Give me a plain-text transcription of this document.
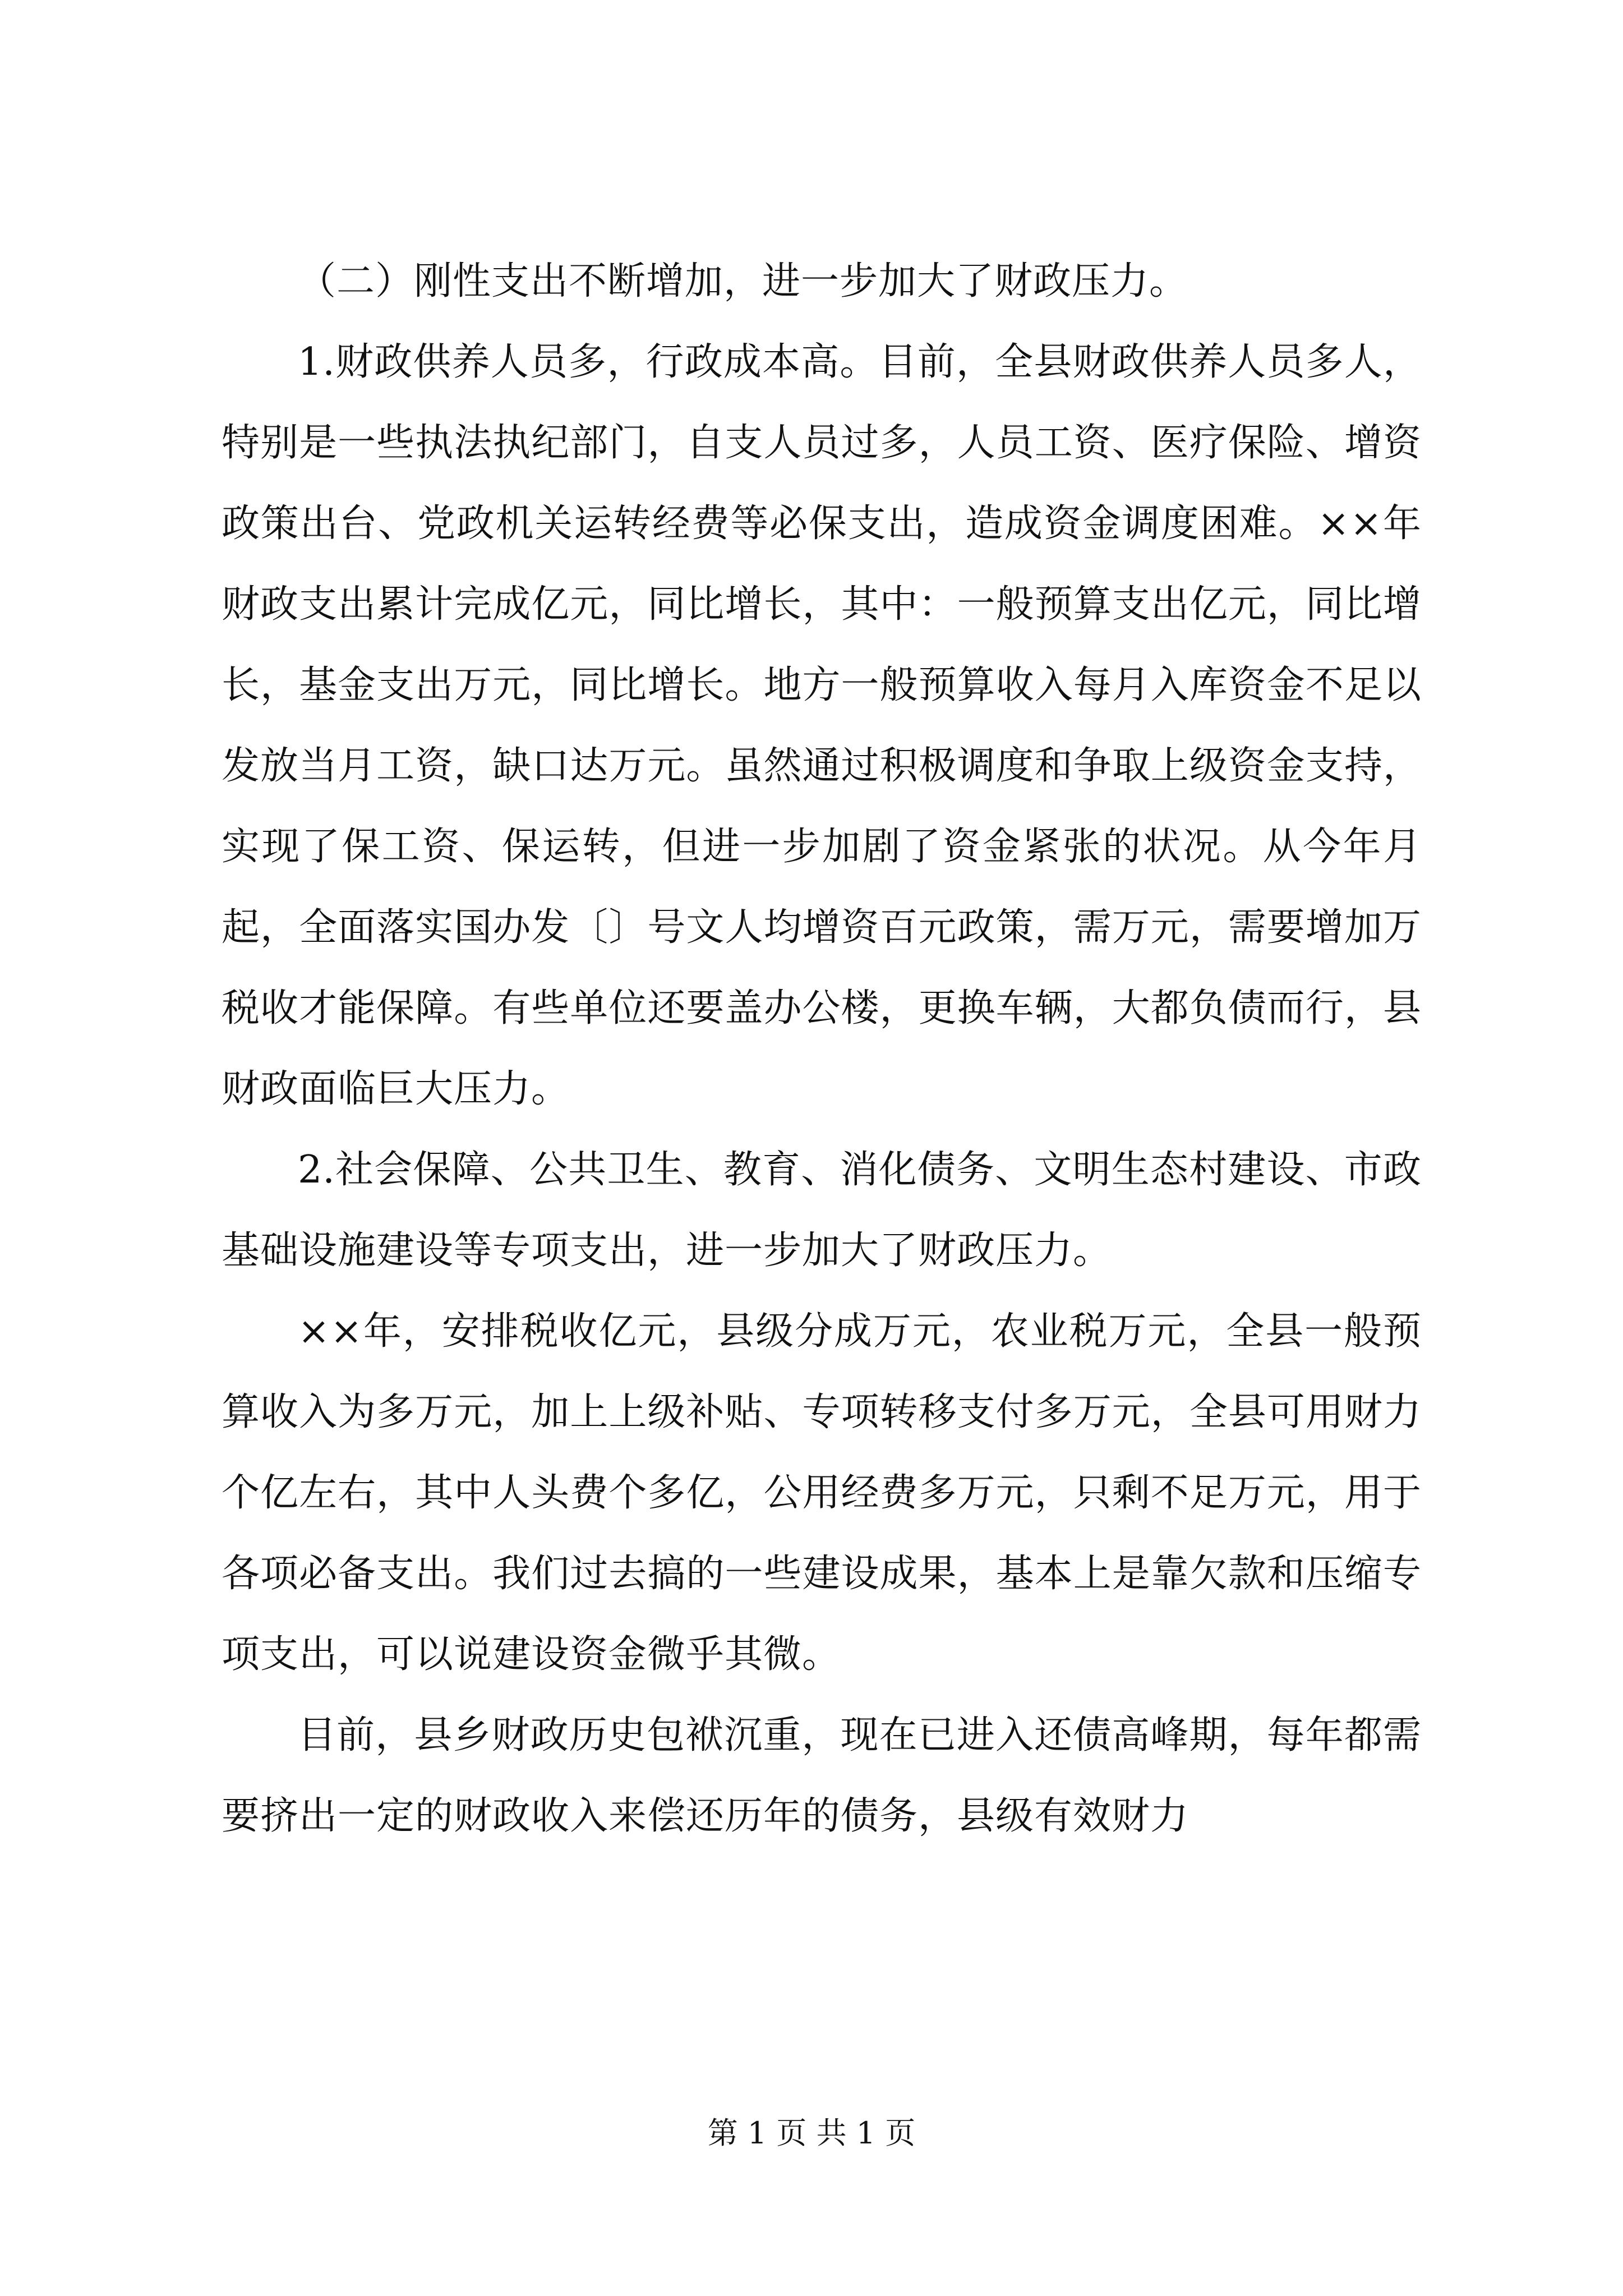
（二）刚性支出不断增加，进一步加大了财政压力。

1.财政供养人员多，行政成本高。目前，全县财政供养人员多人，特别是一些执法执纪部门，自支人员过多，人员工资、医疗保险、增资政策出台、党政机关运转经费等必保支出，造成资金调度困难。××年财政支出累计完成亿元，同比增长，其中：一般预算支出亿元，同比增长，基金支出万元，同比增长。地方一般预算收入每月入库资金不足以发放当月工资，缺口达万元。虽然通过积极调度和争取上级资金支持，实现了保工资、保运转，但进一步加剧了资金紧张的状况。从今年月起，全面落实国办发〔〕号文人均增资百元政策，需万元，需要增加万税收才能保障。有些单位还要盖办公楼，更换车辆，大都负债而行，县财政面临巨大压力。

2.社会保障、公共卫生、教育、消化债务、文明生态村建设、市政基础设施建设等专项支出，进一步加大了财政压力。

××年，安排税收亿元，县级分成万元，农业税万元，全县一般预算收入为多万元，加上上级补贴、专项转移支付多万元，全县可用财力个亿左右，其中人头费个多亿，公用经费多万元，只剩不足万元，用于各项必备支出。我们过去搞的一些建设成果，基本上是靠欠款和压缩专项支出，可以说建设资金微乎其微。

目前，县乡财政历史包袱沉重，现在已进入还债高峰期，每年都需要挤出一定的财政收入来偿还历年的债务，县级有效财力

第 1 页 共 1 页
